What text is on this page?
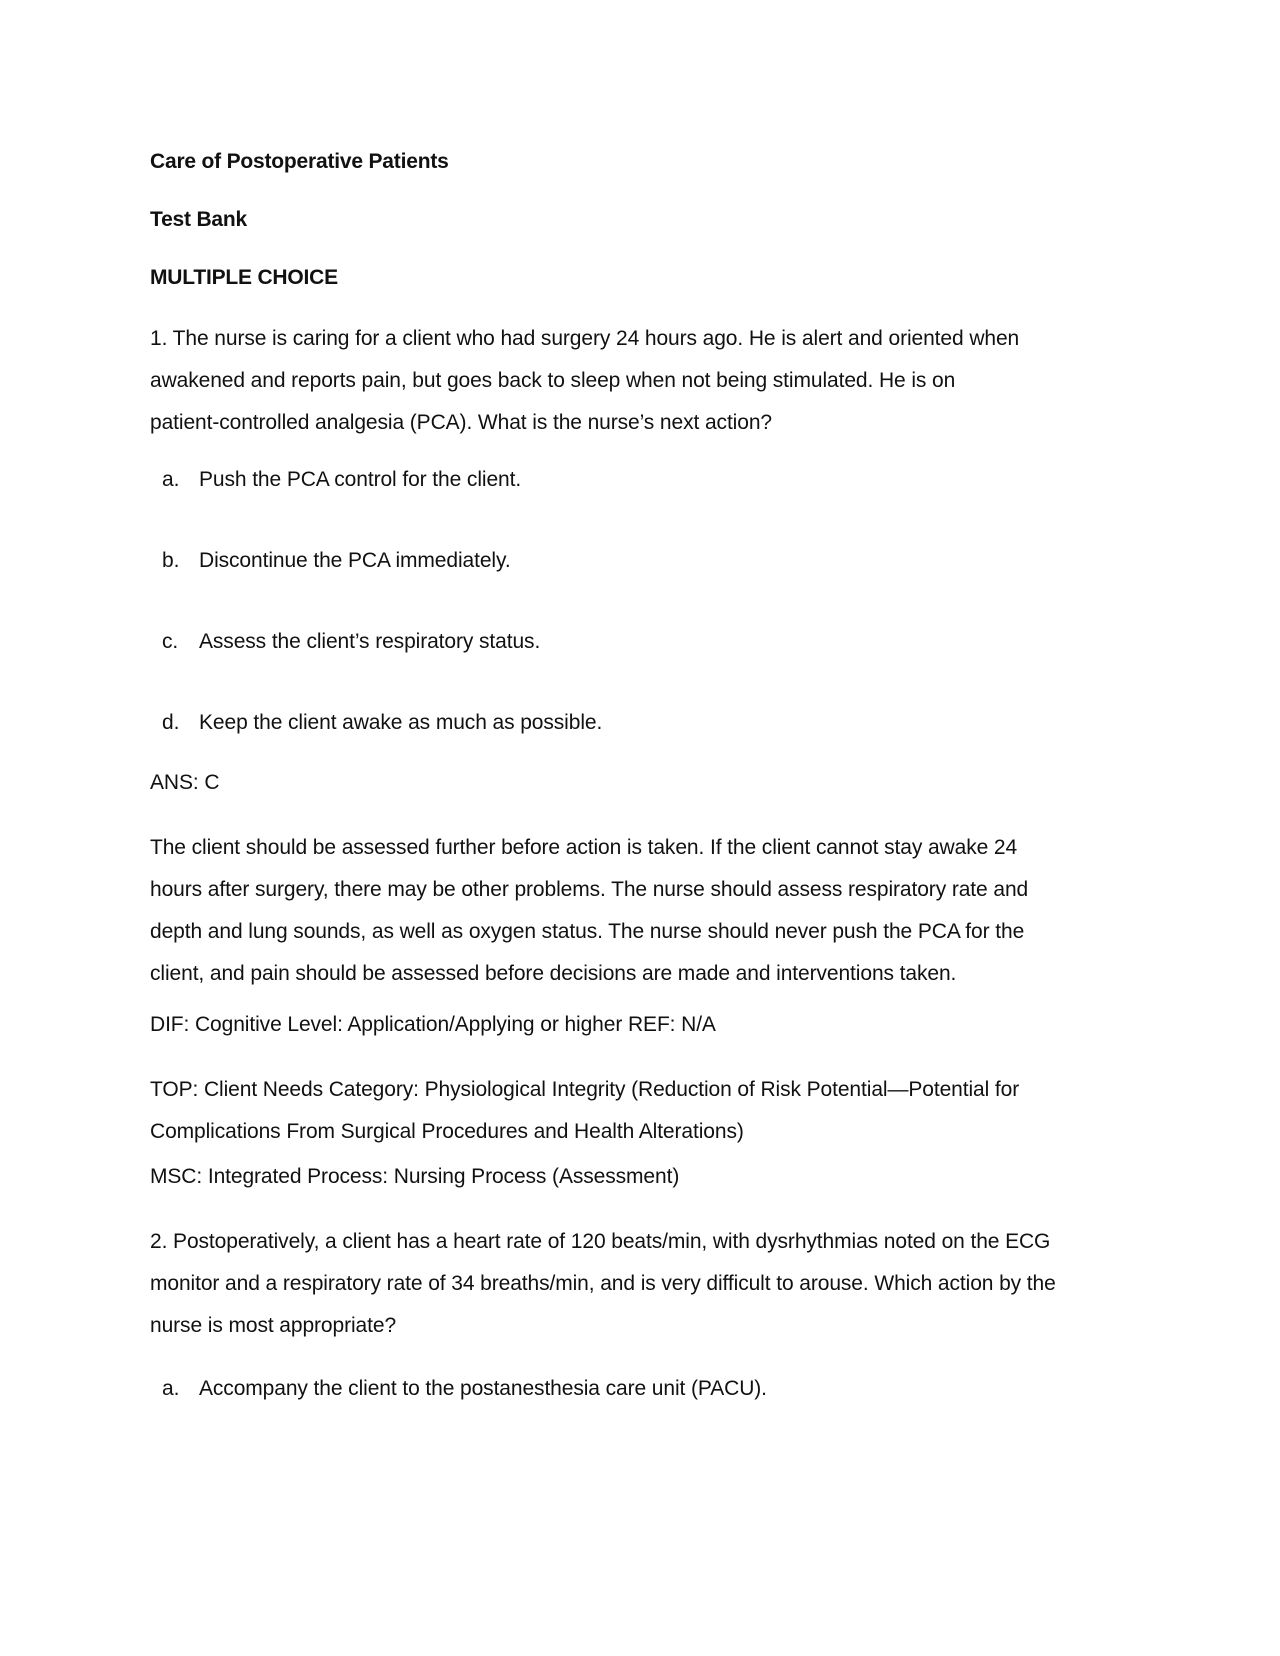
Care of Postoperative Patients

Test Bank

MULTIPLE CHOICE

1. The nurse is caring for a client who had surgery 24 hours ago. He is alert and oriented when awakened and reports pain, but goes back to sleep when not being stimulated. He is on patient-controlled analgesia (PCA). What is the nurse’s next action?

a. Push the PCA control for the client.
b. Discontinue the PCA immediately.
c. Assess the client’s respiratory status.
d. Keep the client awake as much as possible.

ANS: C

The client should be assessed further before action is taken. If the client cannot stay awake 24 hours after surgery, there may be other problems. The nurse should assess respiratory rate and depth and lung sounds, as well as oxygen status. The nurse should never push the PCA for the client, and pain should be assessed before decisions are made and interventions taken.

DIF: Cognitive Level: Application/Applying or higher REF: N/A

TOP: Client Needs Category: Physiological Integrity (Reduction of Risk Potential—Potential for Complications From Surgical Procedures and Health Alterations)

MSC: Integrated Process: Nursing Process (Assessment)

2. Postoperatively, a client has a heart rate of 120 beats/min, with dysrhythmias noted on the ECG monitor and a respiratory rate of 34 breaths/min, and is very difficult to arouse. Which action by the nurse is most appropriate?

a. Accompany the client to the postanesthesia care unit (PACU).
